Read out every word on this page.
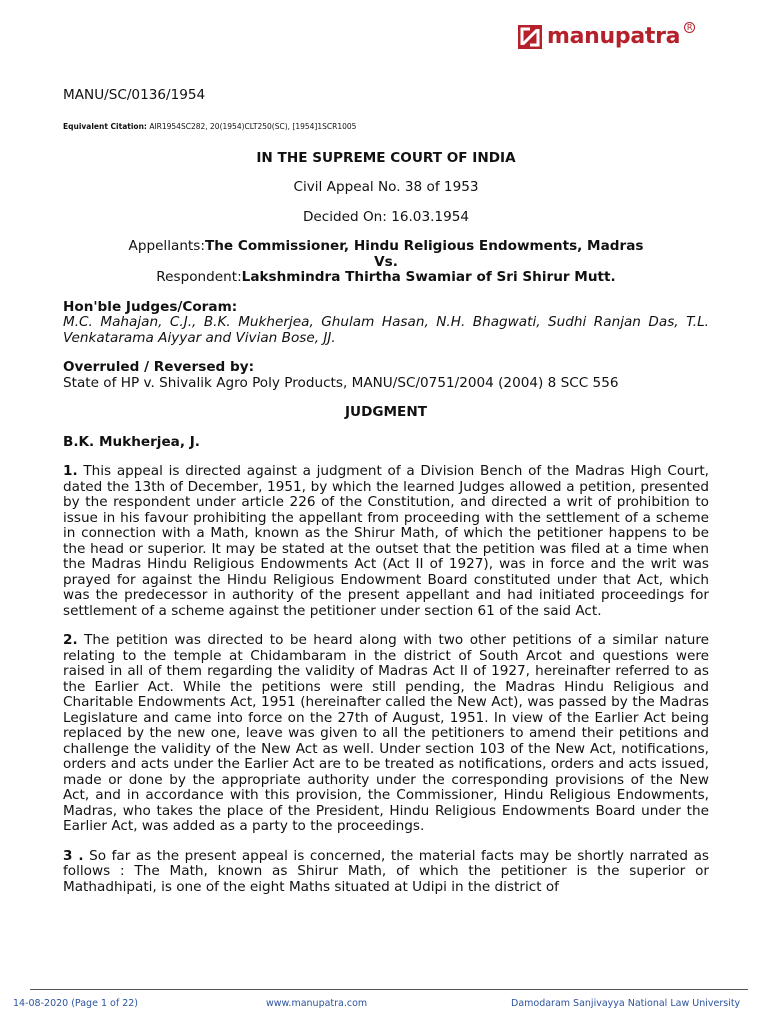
manupatra R
MANU/SC/0136/1954
Equivalent Citation: AIR1954SC282, 20(1954)CLT250(SC), [1954]1SCR1005
IN THE SUPREME COURT OF INDIA
Civil Appeal No. 38 of 1953
Decided On: 16.03.1954
Appellants:The Commissioner, Hindu Religious Endowments, Madras
Vs.
Respondent:Lakshmindra Thirtha Swamiar of Sri Shirur Mutt.
Hon'ble Judges/Coram:
M.C. Mahajan, C.J., B.K. Mukherjea, Ghulam Hasan, N.H. Bhagwati, Sudhi Ranjan Das, T.L. Venkatarama Aiyyar and Vivian Bose, JJ.
Overruled / Reversed by:
State of HP v. Shivalik Agro Poly Products, MANU/SC/0751/2004 (2004) 8 SCC 556
JUDGMENT
B.K. Mukherjea, J.
1. This appeal is directed against a judgment of a Division Bench of the Madras High Court, dated the 13th of December, 1951, by which the learned Judges allowed a petition, presented by the respondent under article 226 of the Constitution, and directed a writ of prohibition to issue in his favour prohibiting the appellant from proceeding with the settlement of a scheme in connection with a Math, known as the Shirur Math, of which the petitioner happens to be the head or superior. It may be stated at the outset that the petition was filed at a time when the Madras Hindu Religious Endowments Act (Act II of 1927), was in force and the writ was prayed for against the Hindu Religious Endowment Board constituted under that Act, which was the predecessor in authority of the present appellant and had initiated proceedings for settlement of a scheme against the petitioner under section 61 of the said Act.
2. The petition was directed to be heard along with two other petitions of a similar nature relating to the temple at Chidambaram in the district of South Arcot and questions were raised in all of them regarding the validity of Madras Act II of 1927, hereinafter referred to as the Earlier Act. While the petitions were still pending, the Madras Hindu Religious and Charitable Endowments Act, 1951 (hereinafter called the New Act), was passed by the Madras Legislature and came into force on the 27th of August, 1951. In view of the Earlier Act being replaced by the new one, leave was given to all the petitioners to amend their petitions and challenge the validity of the New Act as well. Under section 103 of the New Act, notifications, orders and acts under the Earlier Act are to be treated as notifications, orders and acts issued, made or done by the appropriate authority under the corresponding provisions of the New Act, and in accordance with this provision, the Commissioner, Hindu Religious Endowments, Madras, who takes the place of the President, Hindu Religious Endowments Board under the Earlier Act, was added as a party to the proceedings.
3 . So far as the present appeal is concerned, the material facts may be shortly narrated as follows : The Math, known as Shirur Math, of which the petitioner is the superior or Mathadhipati, is one of the eight Maths situated at Udipi in the district of
14-08-2020 (Page 1 of 22)	www.manupatra.com	Damodaram Sanjivayya National Law University
